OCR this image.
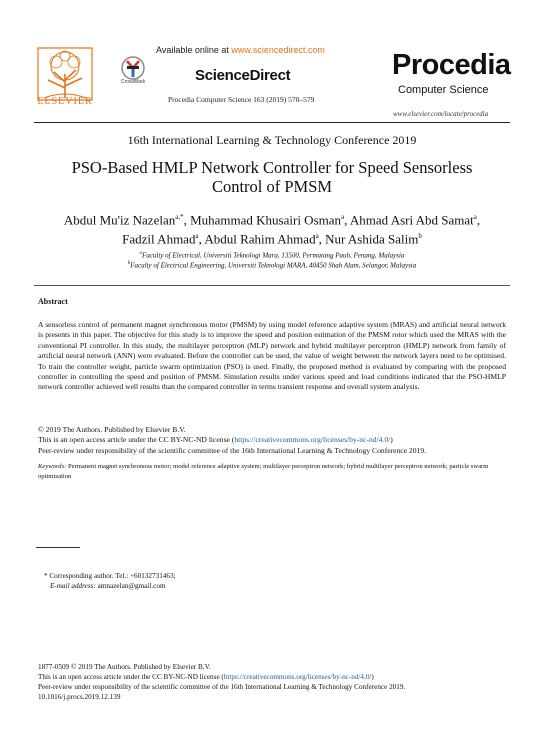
ELSEVIER
Available online at www.sciencedirect.com
CrossMark	ScienceDirect
Procedia Computer Science 163 (2019) 570–579
Procedia
Computer Science
www.elsevier.com/locate/procedia
16th International Learning & Technology Conference 2019
PSO-Based HMLP Network Controller for Speed Sensorless
Control of PMSM
Abdul Mu'iz Nazelan$^{a,*}$, Muhammad Khusairi Osman$^a$, Ahmad Asri Abd Samat$^a$,
Fadzil Ahmad$^a$, Abdul Rahim Ahmad$^a$, Nur Ashida Salim$^b$
$^a$Faculty of Electrical, Universiti Teknologi Mara, 13500, Permatang Pauh, Penang, Malaysia
$^b$Faculty of Electrical Engineering, Universiti Teknologi MARA, 40450 Shah Alam, Selangor, Malaysia
Abstract
A sensorless control of permanent magnet synchronous motor (PMSM) by using model reference adaptive system (MRAS) and artificial neural network is presents in this paper. The objective for this study is to improve the speed and position estimation of the PMSM rotor which used the MRAS with the conventional PI controller. In this study, the multilayer perceptron (MLP) network and hybrid multilayer perceptron (HMLP) network from family of artificial neural network (ANN) were evaluated. Before the controller can be used, the value of weight between the network layers need to be optimised. To train the controller weight, particle swarm optimization (PSO) is used. Finally, the proposed method is evaluated by comparing with the proposed controller in controlling the speed and position of PMSM. Simulation results under various speed and load conditions indicated that the PSO-HMLP network controller achieved well results than the compared controller in terms transient response and overall system analysis.
© 2019 The Authors. Published by Elsevier B.V.
This is an open access article under the CC BY-NC-ND license (https://creativecommons.org/licenses/by-nc-nd/4.0/)
Peer-review under responsibility of the scientific committee of the 16th International Learning & Technology Conference 2019.
Keywords: Permanent magnet synchronous motor; model reference adaptive system; multilayer perceptron network; hybrid multilayer perceptron network; particle swarm optimization
* Corresponding author. Tel.: +60132731463;
E-mail address: amnazelan@gmail.com
1877-0509 © 2019 The Authors. Published by Elsevier B.V.
This is an open access article under the CC BY-NC-ND license (https://creativecommons.org/licenses/by-nc-nd/4.0/)
Peer-review under responsibility of the scientific committee of the 16th International Learning & Technology Conference 2019.
10.1016/j.procs.2019.12.139
